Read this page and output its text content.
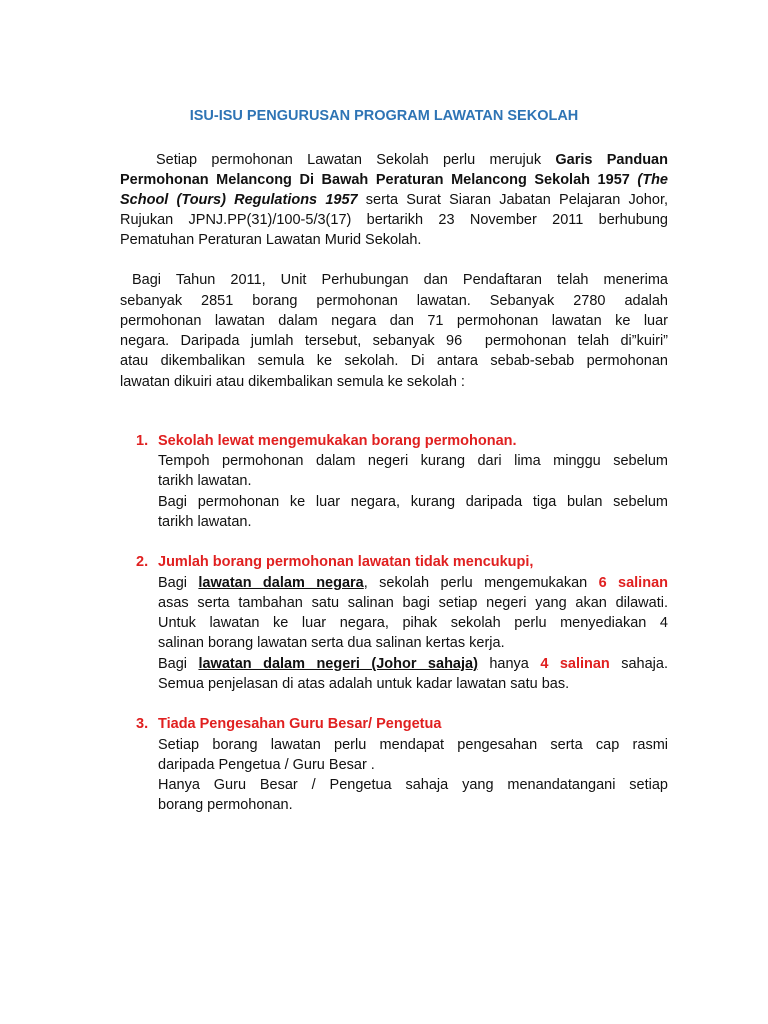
ISU-ISU PENGURUSAN PROGRAM LAWATAN SEKOLAH
Setiap permohonan Lawatan Sekolah perlu merujuk Garis Panduan
Permohonan Melancong Di Bawah Peraturan Melancong Sekolah 1957 (The
School (Tours) Regulations 1957 serta Surat Siaran Jabatan Pelajaran Johor,
Rujukan JPNJ.PP(31)/100-5/3(17) bertarikh 23 November 2011 berhubung
Pematuhan Peraturan Lawatan Murid Sekolah.
Bagi Tahun 2011, Unit Perhubungan dan Pendaftaran telah menerima
sebanyak 2851 borang permohonan lawatan. Sebanyak 2780 adalah
permohonan lawatan dalam negara dan 71 permohonan lawatan ke luar
negara. Daripada jumlah tersebut, sebanyak 96  permohonan telah di”kuiri”
atau dikembalikan semula ke sekolah. Di antara sebab-sebab permohonan
lawatan dikuiri atau dikembalikan semula ke sekolah :
1. Sekolah lewat mengemukakan borang permohonan.
Tempoh permohonan dalam negeri kurang dari lima minggu sebelum
tarikh lawatan.
Bagi permohonan ke luar negara, kurang daripada tiga bulan sebelum
tarikh lawatan.
2. Jumlah borang permohonan lawatan tidak mencukupi,
Bagi lawatan dalam negara, sekolah perlu mengemukakan 6 salinan
asas serta tambahan satu salinan bagi setiap negeri yang akan dilawati.
Untuk lawatan ke luar negara, pihak sekolah perlu menyediakan 4
salinan borang lawatan serta dua salinan kertas kerja.
Bagi lawatan dalam negeri (Johor sahaja) hanya 4 salinan sahaja.
Semua penjelasan di atas adalah untuk kadar lawatan satu bas.
3. Tiada Pengesahan Guru Besar/ Pengetua
Setiap borang lawatan perlu mendapat pengesahan serta cap rasmi
daripada Pengetua / Guru Besar .
Hanya Guru Besar / Pengetua sahaja yang menandatangani setiap
borang permohonan.
